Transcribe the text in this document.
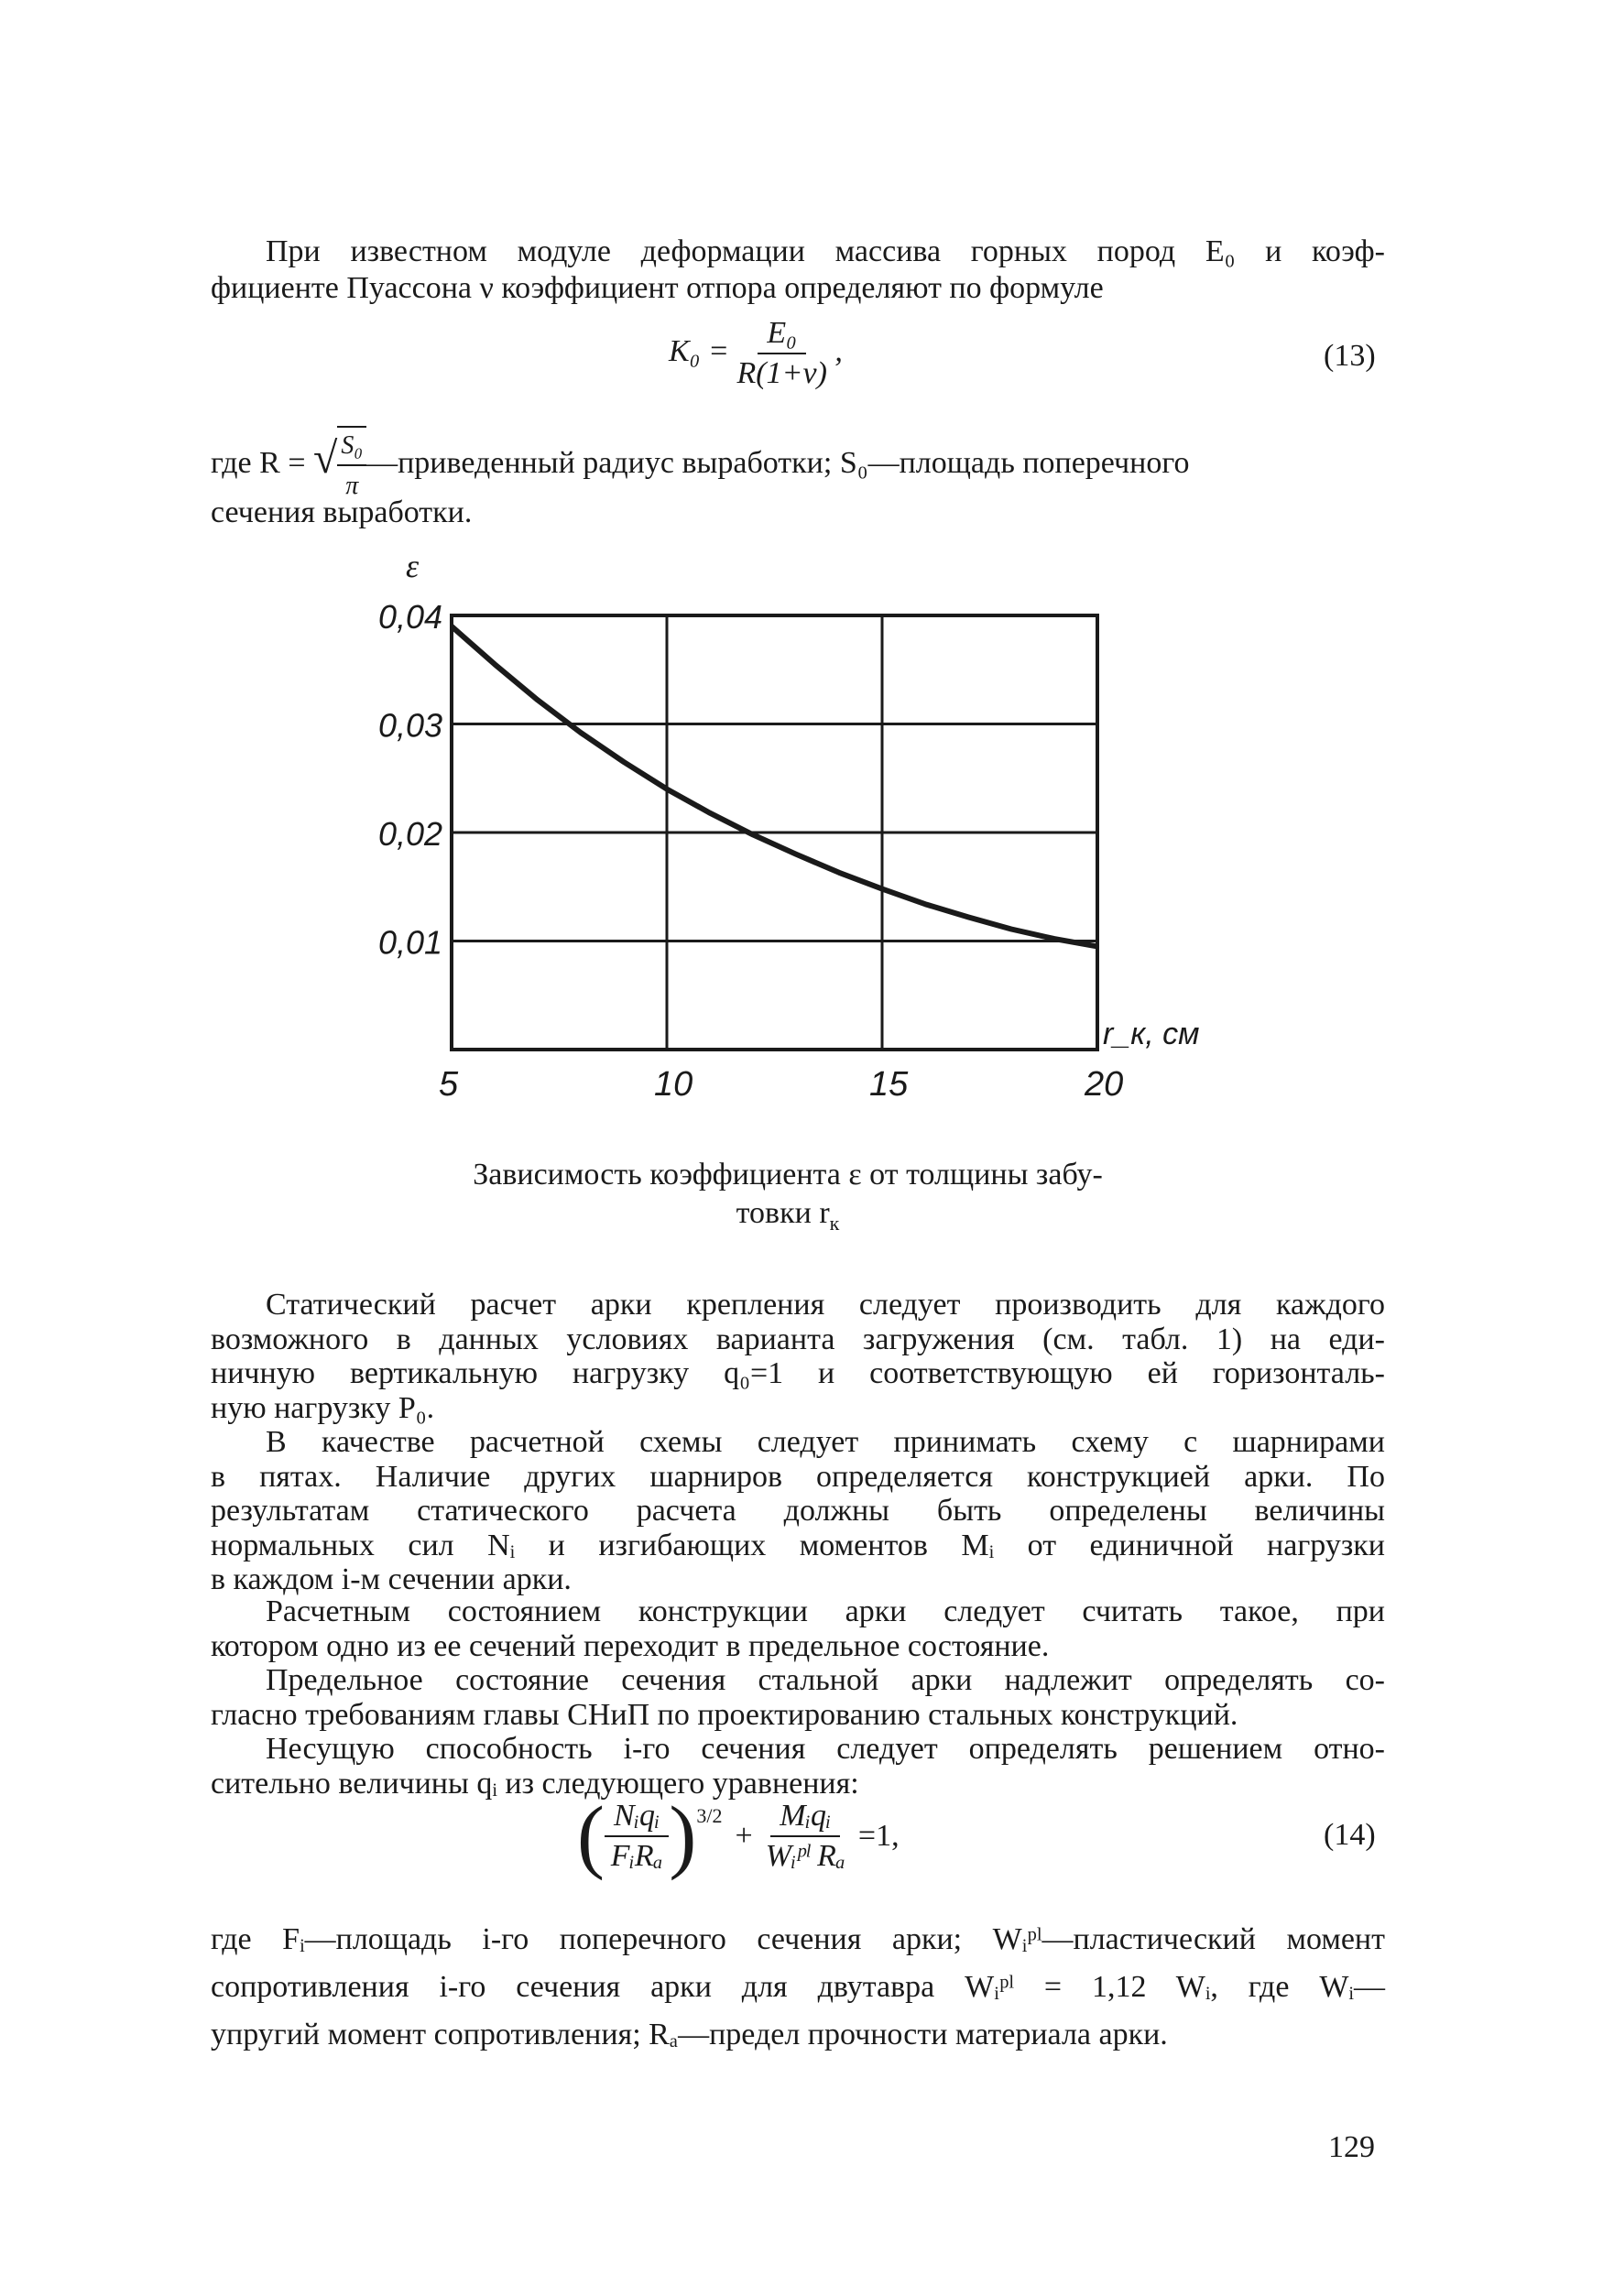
При известном модуле деформации массива горных пород E₀ и коэф-
фициенте Пуассона ν коэффициент отпора определяют по формуле
$K_0 = \frac{\text{E₀}}{R(1+\nu)}$ ,	(13)
где R = √ $\frac{\text{S₀}}{\pi}$ —приведенный радиус выработки; S₀—площадь поперечного
сечения выработки.
5	10	15	20
0,01
0,02
0,03
0,04
ε
r_к, см
Зависимость коэффициента ε от толщины забу-
товки $r_к$
Статический расчет арки крепления следует производить для каждого
возможного в данных условиях варианта загружения (см. табл. 1) на еди-
ничную вертикальную нагрузку q₀=1 и соответствующую ей горизонталь-
ную нагрузку P₀.
В качестве расчетной схемы следует принимать схему с шарнирами
в пятах. Наличие других шарниров определяется конструкцией арки. По
результатам статического расчета должны быть определены величины
нормальных сил Nᵢ и изгибающих моментов Mᵢ от единичной нагрузки
в каждом i-м сечении арки.
Расчетным состоянием конструкции арки следует считать такое, при
котором одно из ее сечений переходит в предельное состояние.
Предельное состояние сечения стальной арки надлежит определять со-
гласно требованиям главы СНиП по проектированию стальных конструкций.
Несущую способность i-го сечения следует определять решением отно-
сительно величины qᵢ из следующего уравнения:
( $\frac{\text{Nᵢqᵢ}}{\text{FᵢRₐ}}$ ) 3/2
+ $\frac{\text{Mᵢqᵢ}}{\text{Wᵢᵖˡ Rₐ}} =1$,	(14)
где Fᵢ—площадь i-го поперечного сечения арки; Wᵢᵖˡ—пластический момент
сопротивления i-го сечения арки для двутавра Wᵢᵖˡ = 1,12 Wᵢ, где Wᵢ—
упругий момент сопротивления; Rₐ—предел прочности материала арки.
129
